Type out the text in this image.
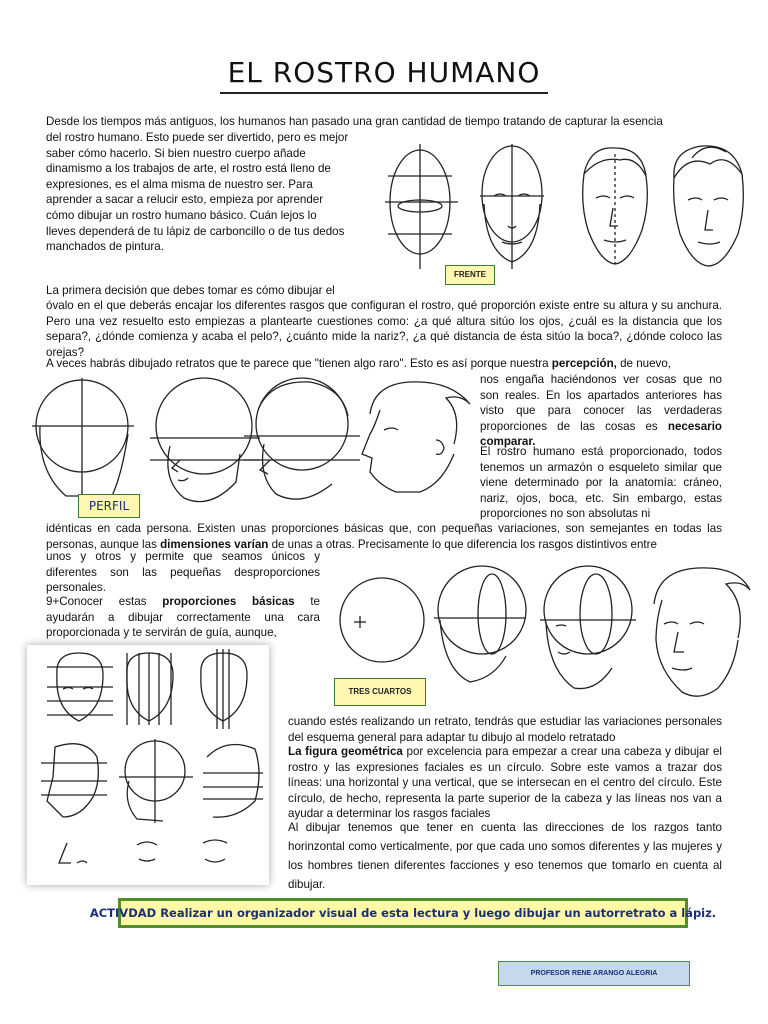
EL ROSTRO HUMANO
Desde los tiempos más antiguos, los humanos han pasado una gran cantidad de tiempo tratando de capturar la esencia
del rostro humano. Esto puede ser divertido, pero es mejor
saber cómo hacerlo. Si bien nuestro cuerpo añade
dinamismo a los trabajos de arte, el rostro está lleno de
expresiones, es el alma misma de nuestro ser. Para
aprender a sacar a relucir esto, empieza por aprender
cómo dibujar un rostro humano básico. Cuán lejos lo
lleves dependerá de tu lápiz de carboncillo o de tus dedos
manchados de pintura.
FRENTE
La primera decisión que debes tomar es cómo dibujar el
óvalo en el que deberás encajar los diferentes rasgos que configuran el rostro, qué proporción existe entre su altura y su anchura. Pero una vez resuelto esto empiezas a plantearte cuestiones como: ¿a qué altura sitúo los ojos, ¿cuál es la distancia que los separa?, ¿dónde comienza y acaba el pelo?, ¿cuánto mide la nariz?, ¿a qué distancia de ésta sitúo la boca?, ¿dónde coloco las orejas?
A veces habrás dibujado retratos que te parece que "tienen algo raro". Esto es así porque nuestra percepción, de nuevo,
nos engaña haciéndonos ver cosas que no son reales. En los apartados anteriores has visto que para conocer las verdaderas proporciones de las cosas es necesario comparar.
PERFIL
El rostro humano está proporcionado, todos tenemos un armazón o esqueleto similar que viene determinado por la anatomía: cráneo, nariz, ojos, boca, etc. Sin embargo, estas proporciones no son absolutas ni
idénticas en cada persona. Existen unas proporciones básicas que, con pequeñas variaciones, son semejantes en todas las personas, aunque las dimensiones varían de unas a otras. Precisamente lo que diferencia los rasgos distintivos entre
unos y otros y permite que seamos únicos y diferentes son las pequeñas desproporciones personales.
9+Conocer estas proporciones básicas te ayudarán a dibujar correctamente una cara proporcionada y te servirán de guía, aunque,
TRES CUARTOS
cuando estés realizando un retrato, tendrás que estudiar las variaciones personales del esquema general para adaptar tu dibujo al modelo retratado
La figura geométrica por excelencia para empezar a crear una cabeza y dibujar el rostro y las expresiones faciales es un círculo. Sobre este vamos a trazar dos líneas: una horizontal y una vertical, que se intersecan en el centro del círculo. Este círculo, de hecho, representa la parte superior de la cabeza y las líneas nos van a ayudar a determinar los rasgos faciales
Al dibujar tenemos que tener en cuenta las direcciones de los razgos tanto horinzontal como verticalmente, por que cada uno somos diferentes y las mujeres y los hombres tienen diferentes facciones y eso tenemos que tomarlo en cuenta al dibujar.
ACTIVDAD Realizar un organizador visual de esta lectura y luego dibujar un autorretrato a lápiz.
PROFESOR RENE ARANGO ALEGRIA
